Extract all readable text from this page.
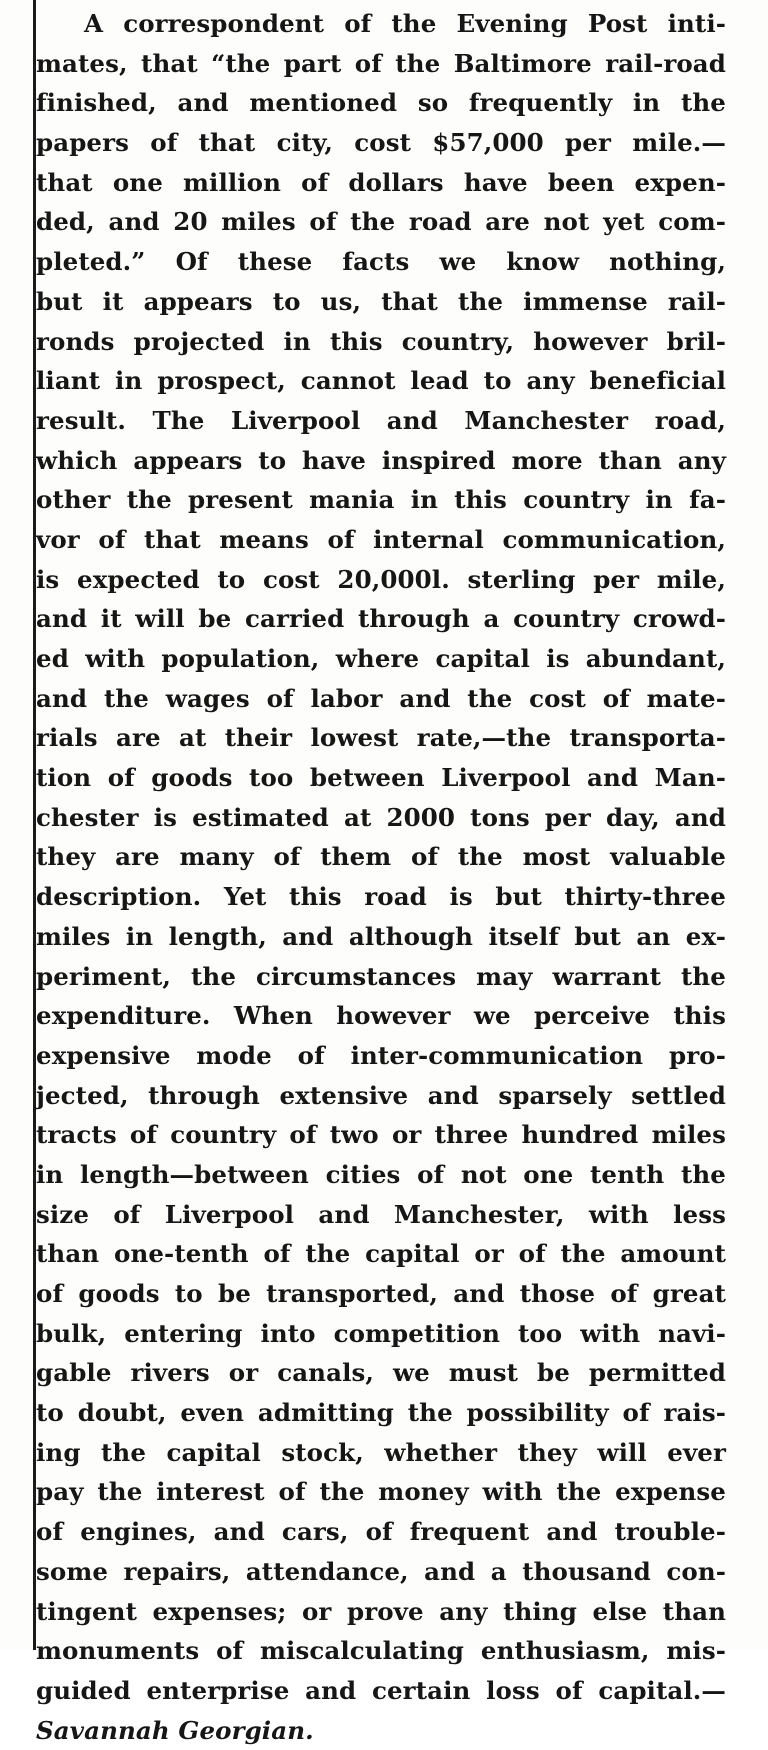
A correspondent of the Evening Post inti-
mates, that “the part of the Baltimore rail-road
finished, and mentioned so frequently in the
papers of that city, cost $57,000 per mile.—
that one million of dollars have been expen-
ded, and 20 miles of the road are not yet com-
pleted.” Of these facts we know nothing,
but it appears to us, that the immense rail-
ronds projected in this country, however bril-
liant in prospect, cannot lead to any beneficial
result. The Liverpool and Manchester road,
which appears to have inspired more than any
other the present mania in this country in fa-
vor of that means of internal communication,
is expected to cost 20,000l. sterling per mile,
and it will be carried through a country crowd-
ed with population, where capital is abundant,
and the wages of labor and the cost of mate-
rials are at their lowest rate,—the transporta-
tion of goods too between Liverpool and Man-
chester is estimated at 2000 tons per day, and
they are many of them of the most valuable
description. Yet this road is but thirty-three
miles in length, and although itself but an ex-
periment, the circumstances may warrant the
expenditure. When however we perceive this
expensive mode of inter-communication pro-
jected, through extensive and sparsely settled
tracts of country of two or three hundred miles
in length—between cities of not one tenth the
size of Liverpool and Manchester, with less
than one-tenth of the capital or of the amount
of goods to be transported, and those of great
bulk, entering into competition too with navi-
gable rivers or canals, we must be permitted
to doubt, even admitting the possibility of rais-
ing the capital stock, whether they will ever
pay the interest of the money with the expense
of engines, and cars, of frequent and trouble-
some repairs, attendance, and a thousand con-
tingent expenses; or prove any thing else than
monuments of miscalculating enthusiasm, mis-
guided enterprise and certain loss of capital.—
Savannah Georgian.
